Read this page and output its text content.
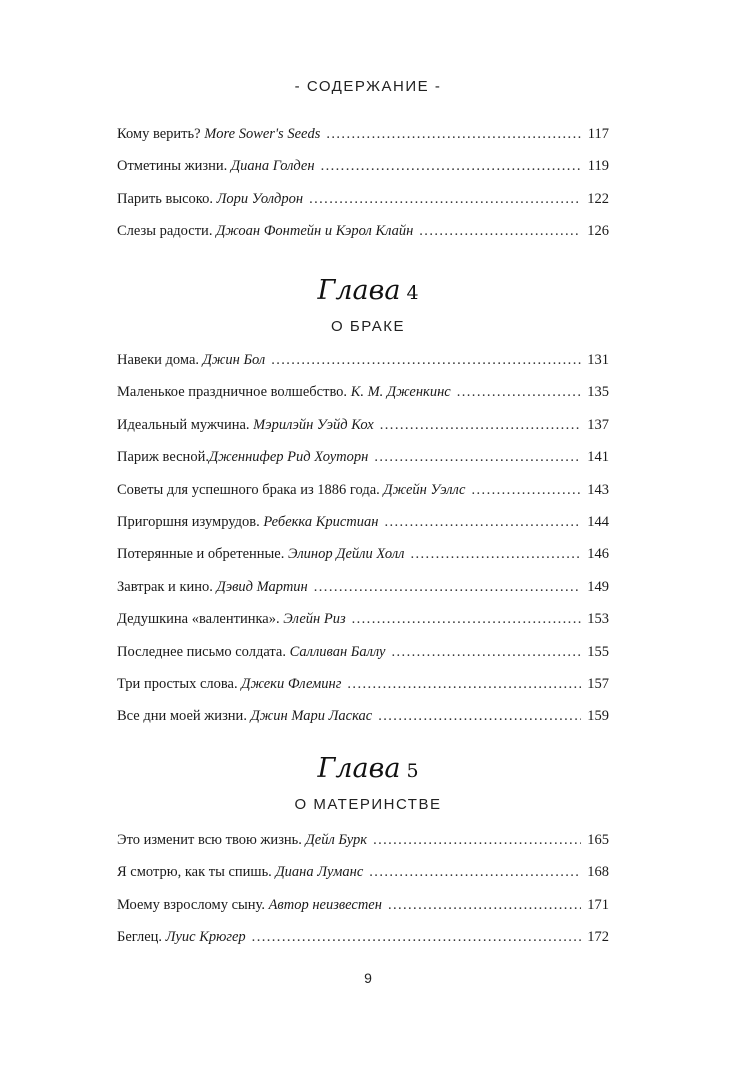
- СОДЕРЖАНИЕ -
Кому верить?
More Sower's Seeds .....	117
Отметины жизни.
Диана Голден .....	119
Парить высоко.
Лори Уолдрон .....	122
Слезы радости.
Джоан Фонтейн и Кэрол Клайн .....	126
Глава 4
О БРАКЕ
Навеки дома.
Джин Бол .....	131
Маленькое праздничное волшебство.
К. М. Дженкинс .....	135
Идеальный мужчина.
Мэрилэйн Уэйд Кох .....	137
Париж весной. Дженнифер Рид Хоуторн .....	141
Советы для успешного брака из 1886 года.
Джейн Уэллс .....	143
Пригоршня изумрудов.
Ребекка Кристиан .....	144
Потерянные и обретенные.
Элинор Дейли Холл .....	146
Завтрак и кино.
Дэвид Мартин .....	149
Дедушкина «валентинка».
Элейн Риз .....	153
Последнее письмо солдата.
Салливан Баллу .....	155
Три простых слова.
Джеки Флеминг .....	157
Все дни моей жизни.
Джин Мари Ласкас .....	159
Глава 5
О МАТЕРИНСТВЕ
Это изменит всю твою жизнь.
Дейл Бурк .....	165
Я смотрю, как ты спишь.
Диана Луманс .....	168
Моему взрослому сыну.
Автор неизвестен .....	171
Беглец.
Луис Крюгер .....	172
9
